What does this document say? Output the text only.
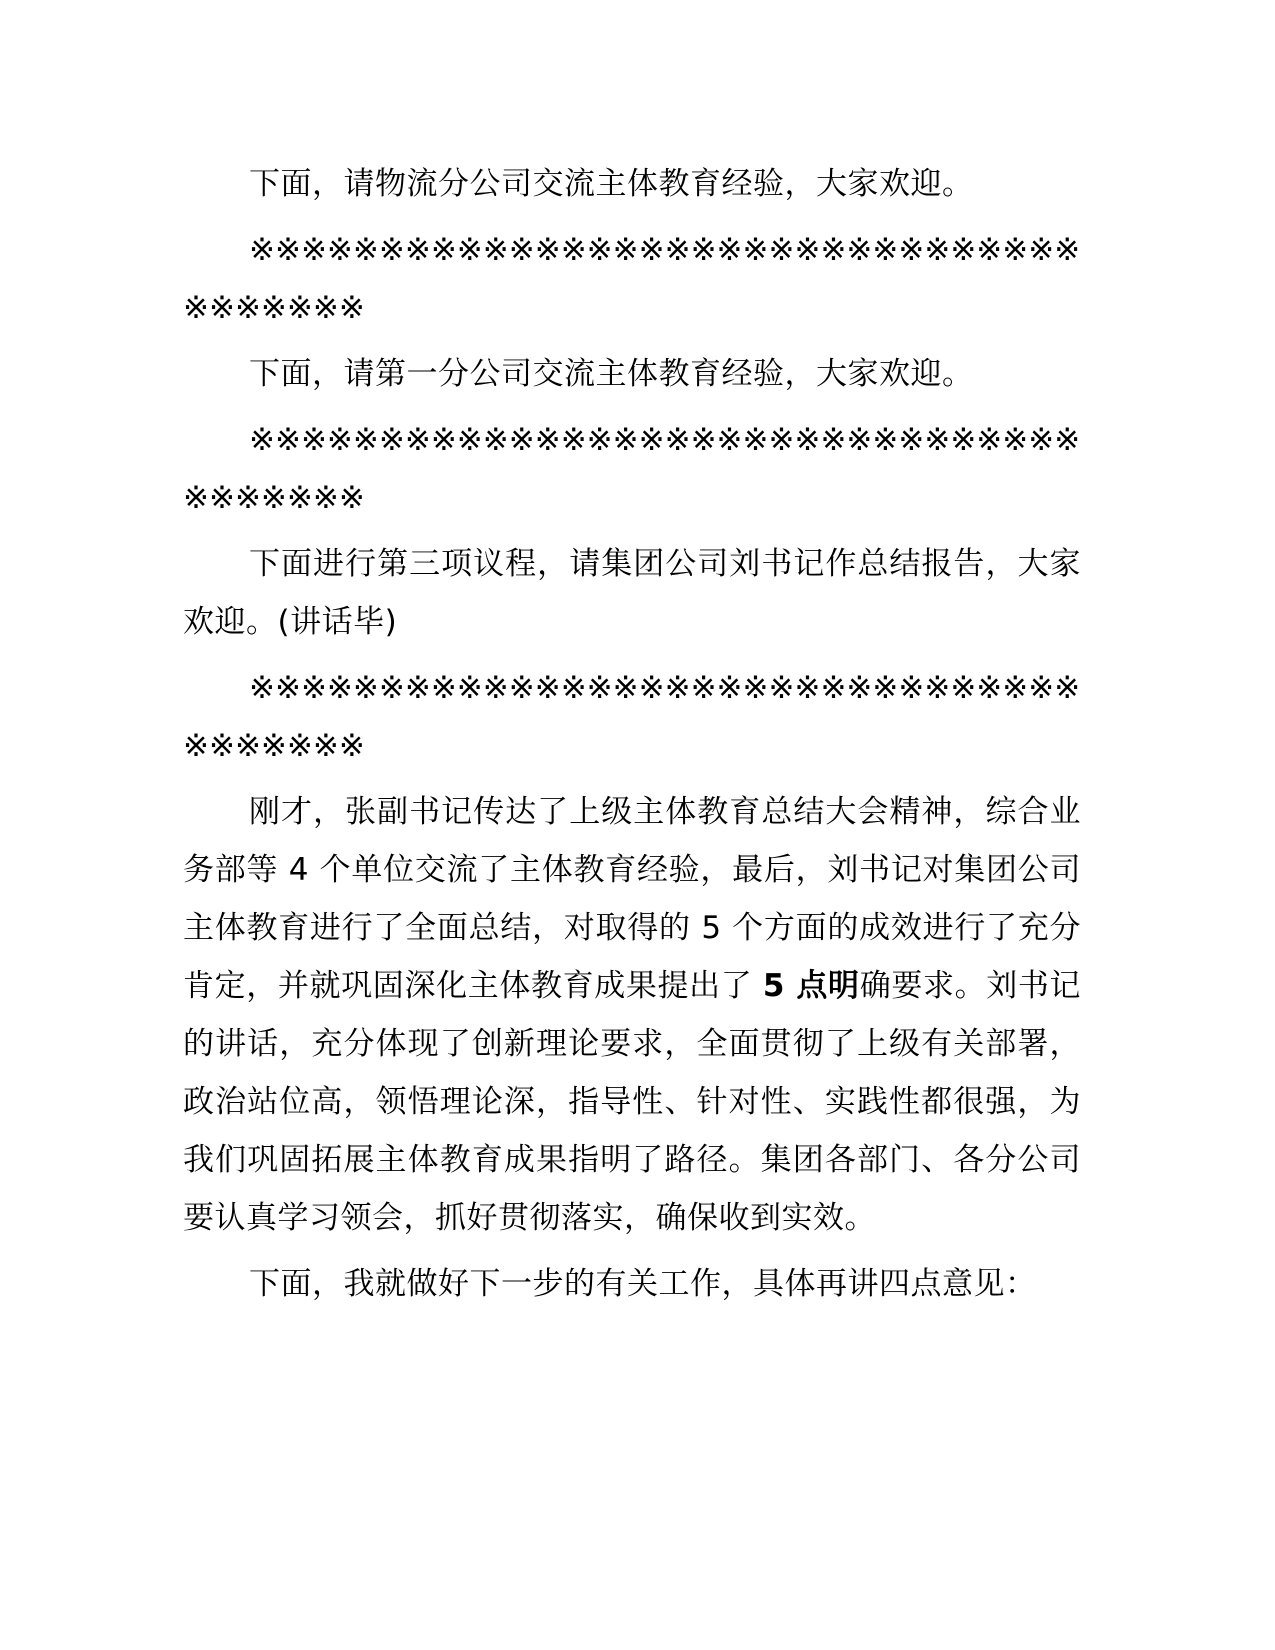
下面，请物流分公司交流主体教育经验，大家欢迎。

※※※※※※※※※※※※※※※※※※※※※※※※※※※※※※※※※※※※※※※

下面，请第一分公司交流主体教育经验，大家欢迎。

※※※※※※※※※※※※※※※※※※※※※※※※※※※※※※※※※※※※※※※

下面进行第三项议程，请集团公司刘书记作总结报告，大家欢迎。(讲话毕)

※※※※※※※※※※※※※※※※※※※※※※※※※※※※※※※※※※※※※※※

刚才，张副书记传达了上级主体教育总结大会精神，综合业务部等 4 个单位交流了主体教育经验，最后，刘书记对集团公司主体教育进行了全面总结，对取得的 5 个方面的成效进行了充分肯定，并就巩固深化主体教育成果提出了 5 点明确要求。刘书记的讲话，充分体现了创新理论要求，全面贯彻了上级有关部署，政治站位高，领悟理论深，指导性、针对性、实践性都很强，为我们巩固拓展主体教育成果指明了路径。集团各部门、各分公司要认真学习领会，抓好贯彻落实，确保收到实效。

下面，我就做好下一步的有关工作，具体再讲四点意见：
